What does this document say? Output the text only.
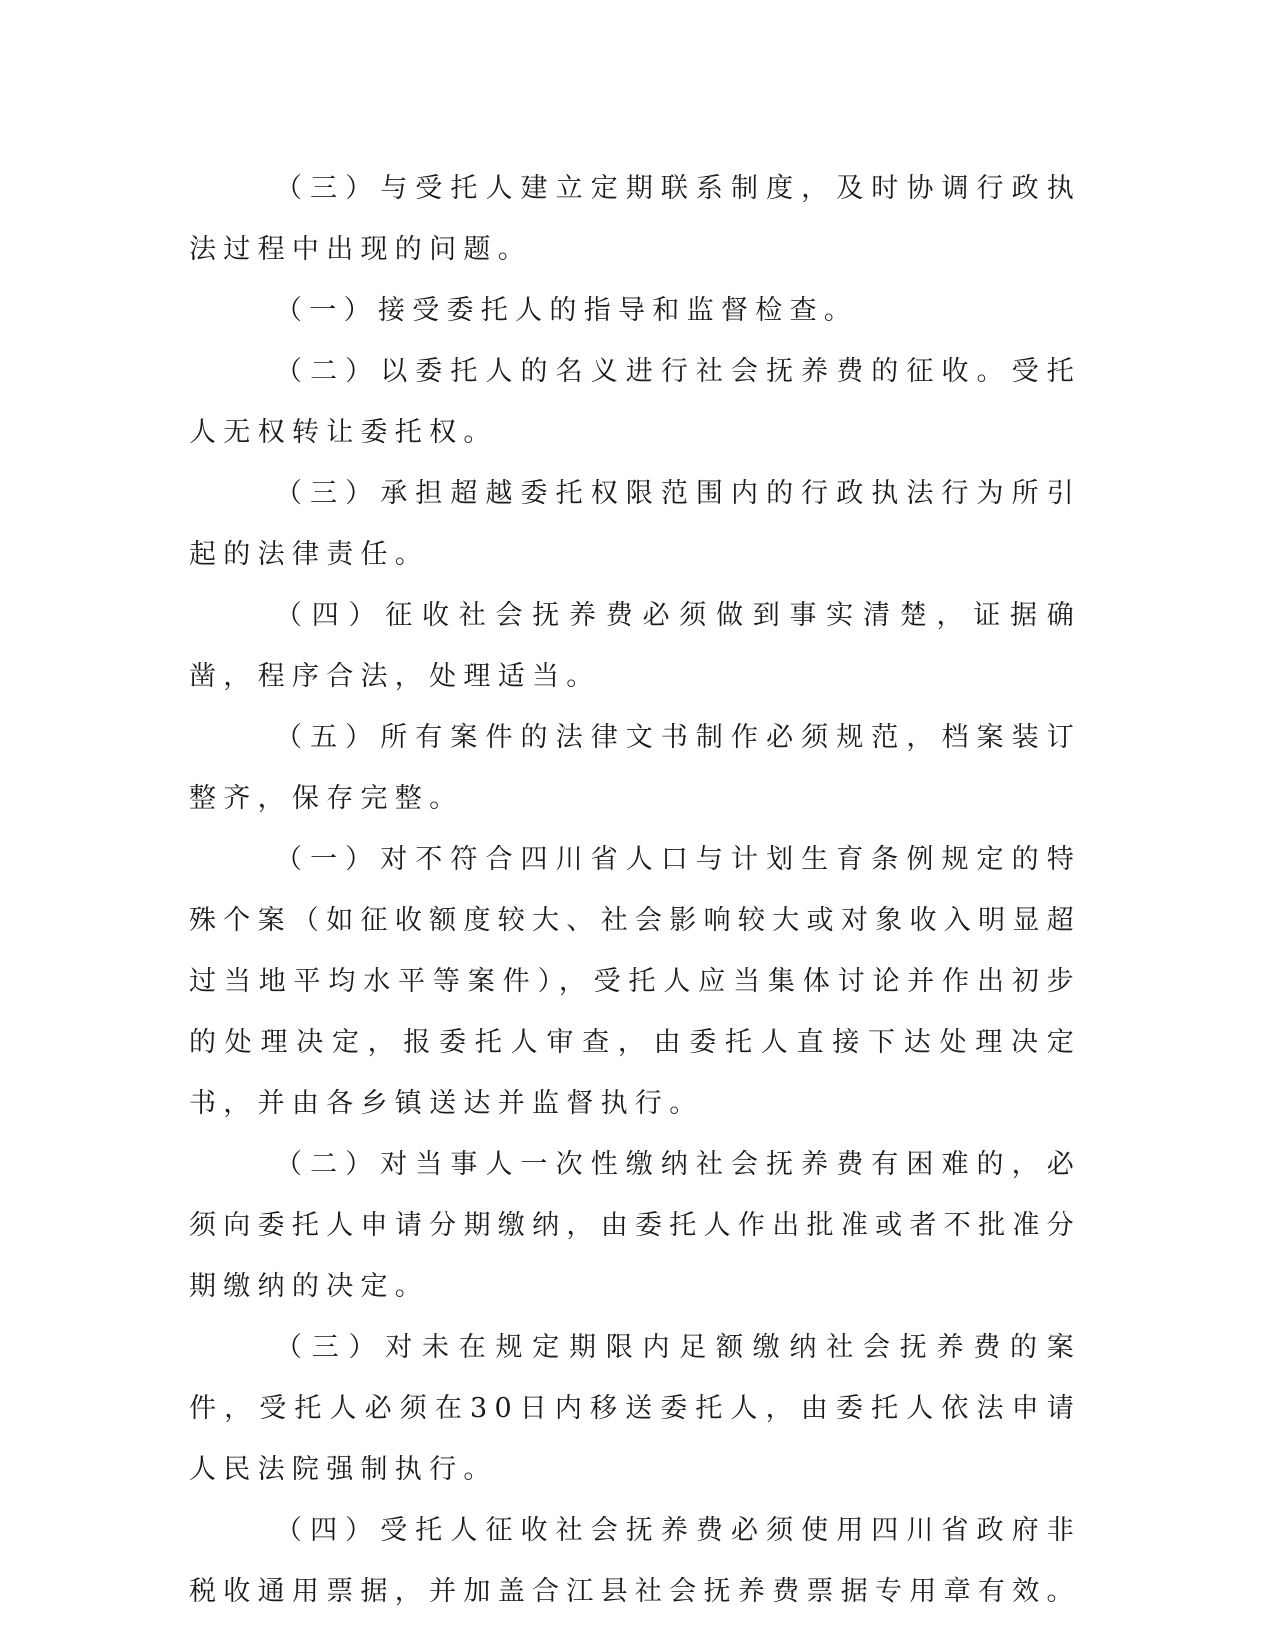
（三）与受托人建立定期联系制度，及时协调行政执法过程中出现的问题。

（一）接受委托人的指导和监督检查。

（二）以委托人的名义进行社会抚养费的征收。受托人无权转让委托权。

（三）承担超越委托权限范围内的行政执法行为所引起的法律责任。

（四）征收社会抚养费必须做到事实清楚，证据确凿，程序合法，处理适当。

（五）所有案件的法律文书制作必须规范，档案装订整齐，保存完整。

（一）对不符合四川省人口与计划生育条例规定的特殊个案（如征收额度较大、社会影响较大或对象收入明显超过当地平均水平等案件），受托人应当集体讨论并作出初步的处理决定，报委托人审查，由委托人直接下达处理决定书，并由各乡镇送达并监督执行。

（二）对当事人一次性缴纳社会抚养费有困难的，必须向委托人申请分期缴纳，由委托人作出批准或者不批准分期缴纳的决定。

（三）对未在规定期限内足额缴纳社会抚养费的案件，受托人必须在30日内移送委托人，由委托人依法申请人民法院强制执行。

（四）受托人征收社会抚养费必须使用四川省政府非税收通用票据，并加盖合江县社会抚养费票据专用章有效。
